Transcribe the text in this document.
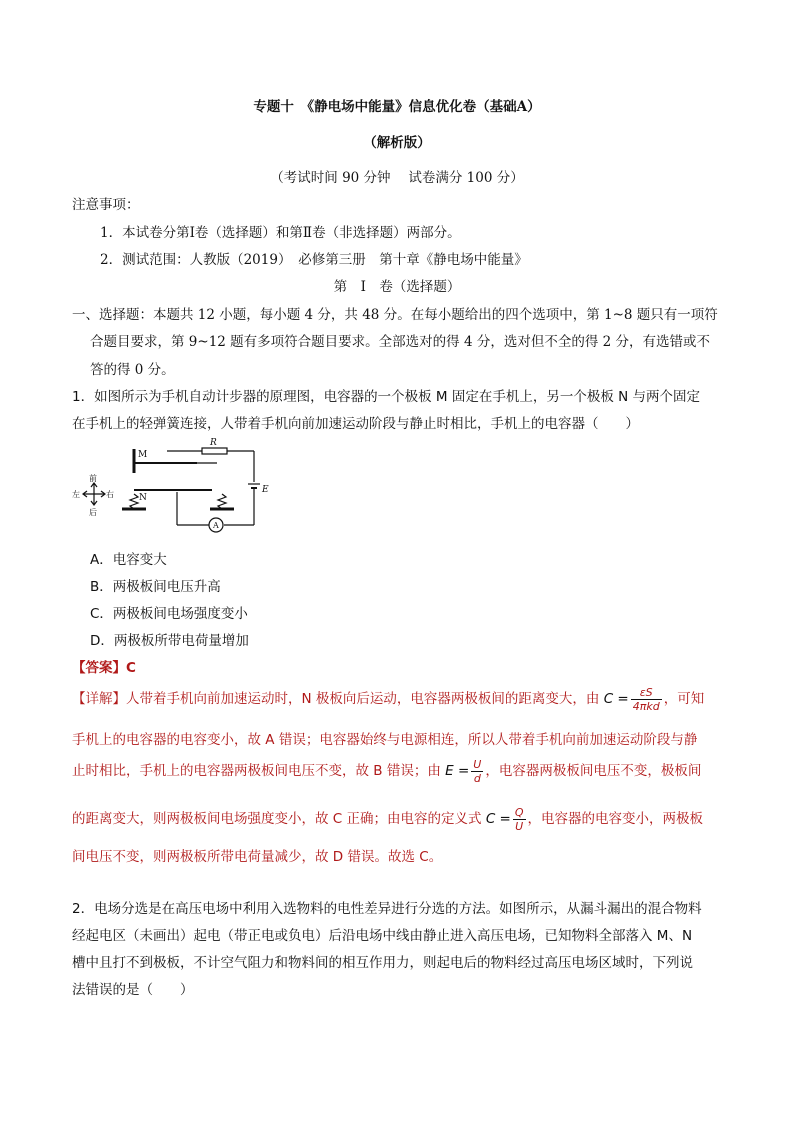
专题十　《静电场中能量》信息优化卷（基础A）
（解析版）
（考试时间 90 分钟　 试卷满分 100 分）
注意事项：
1．本试卷分第Ⅰ卷（选择题）和第Ⅱ卷（非选择题）两部分。
2．测试范围：人教版（2019）　必修第三册　第十章《静电场中能量》
第　Ⅰ　卷（选择题）
一、选择题：本题共 12 小题，每小题 4 分，共 48 分。在每小题给出的四个选项中，第 1~8 题只有一项符
合题目要求，第 9~12 题有多项符合题目要求。全部选对的得 4 分，选对但不全的得 2 分，有选错或不
答的得 0 分。
1．如图所示为手机自动计步器的原理图，电容器的一个极板 M 固定在手机上，另一个极板 N 与两个固定
在手机上的轻弹簧连接，人带着手机向前加速运动阶段与静止时相比，手机上的电容器（　　）
M
R
E
A
N
前
后
左	右
A．电容变大
B．两极板间电压升高
C．两极板间电场强度变小
D．两极板所带电荷量增加
【答案】C
【详解】人带着手机向前加速运动时，N 极板向后运动，电容器两极板间的距离变大，由 $C = \frac{\varepsilon S}{\text{4πkd}}$ ，可知
手机上的电容器的电容变小，故 A 错误；电容器始终与电源相连，所以人带着手机向前加速运动阶段与静
止时相比，手机上的电容器两极板间电压不变，故 B 错误；由 $E = \frac{U}{d}$ ，电容器两极板间电压不变，极板间
的距离变大，则两极板间电场强度变小，故 C 正确；由电容的定义式 $C = \frac{Q}{U}$ ，电容器的电容变小，两极板
间电压不变，则两极板所带电荷量减少，故 D 错误。故选 C。
2．电场分选是在高压电场中利用入选物料的电性差异进行分选的方法。如图所示，从漏斗漏出的混合物料
经起电区（未画出）起电（带正电或负电）后沿电场中线由静止进入高压电场，已知物料全部落入 M、N
槽中且打不到极板，不计空气阻力和物料间的相互作用力，则起电后的物料经过高压电场区域时，下列说
法错误的是（　　）
